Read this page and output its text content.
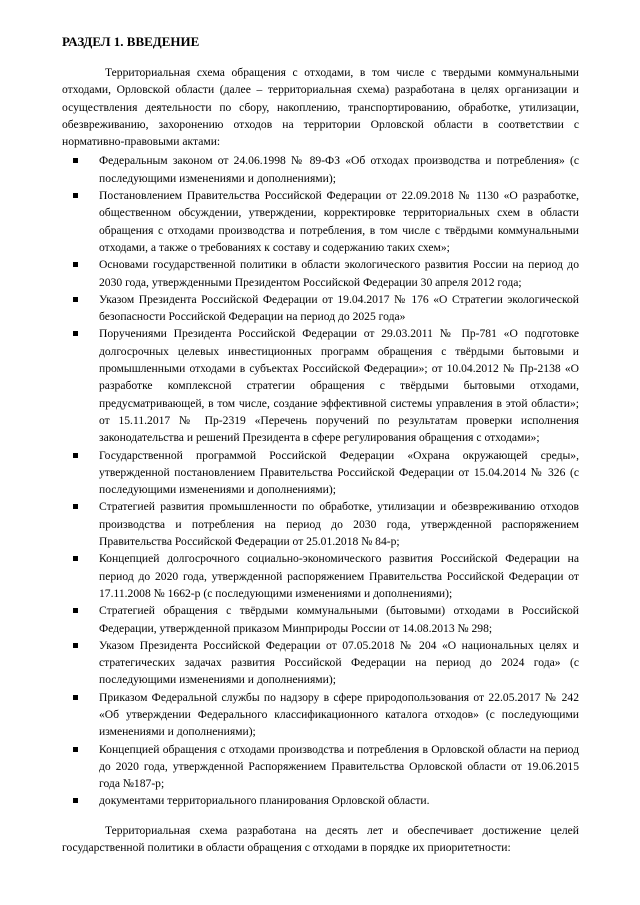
РАЗДЕЛ 1. ВВЕДЕНИЕ

Территориальная схема обращения с отходами, в том числе с твердыми коммунальными отходами, Орловской области (далее – территориальная схема) разработана в целях организации и осуществления деятельности по сбору, накоплению, транспортированию, обработке, утилизации, обезвреживанию, захоронению отходов на территории Орловской области в соответствии с нормативно-правовыми актами:

Федеральным законом от 24.06.1998 № 89-ФЗ «Об отходах производства и потребления» (с последующими изменениями и дополнениями);
Постановлением Правительства Российской Федерации от 22.09.2018 № 1130 «О разработке, общественном обсуждении, утверждении, корректировке территориальных схем в области обращения с отходами производства и потребления, в том числе с твёрдыми коммунальными отходами, а также о требованиях к составу и содержанию таких схем»;
Основами государственной политики в области экологического развития России на период до 2030 года, утвержденными Президентом Российской Федерации 30 апреля 2012 года;
Указом Президента Российской Федерации от 19.04.2017 № 176 «О Стратегии экологической безопасности Российской Федерации на период до 2025 года»
Поручениями Президента Российской Федерации от 29.03.2011 № Пр-781 «О подготовке долгосрочных целевых инвестиционных программ обращения с твёрдыми бытовыми и промышленными отходами в субъектах Российской Федерации»; от 10.04.2012 № Пр-2138 «О разработке комплексной стратегии обращения с твёрдыми бытовыми отходами, предусматривающей, в том числе, создание эффективной системы управления в этой области»; от 15.11.2017 № Пр-2319 «Перечень поручений по результатам проверки исполнения законодательства и решений Президента в сфере регулирования обращения с отходами»;
Государственной программой Российской Федерации «Охрана окружающей среды», утвержденной постановлением Правительства Российской Федерации от 15.04.2014 № 326 (с последующими изменениями и дополнениями);
Стратегией развития промышленности по обработке, утилизации и обезвреживанию отходов производства и потребления на период до 2030 года, утвержденной распоряжением Правительства Российской Федерации от 25.01.2018 № 84-р;
Концепцией долгосрочного социально-экономического развития Российской Федерации на период до 2020 года, утвержденной распоряжением Правительства Российской Федерации от 17.11.2008 № 1662-р (с последующими изменениями и дополнениями);
Стратегией обращения с твёрдыми коммунальными (бытовыми) отходами в Российской Федерации, утвержденной приказом Минприроды России от 14.08.2013 № 298;
Указом Президента Российской Федерации от 07.05.2018 № 204 «О национальных целях и стратегических задачах развития Российской Федерации на период до 2024 года» (с последующими изменениями и дополнениями);
Приказом Федеральной службы по надзору в сфере природопользования от 22.05.2017 № 242 «Об утверждении Федерального классификационного каталога отходов» (с последующими изменениями и дополнениями);
Концепцией обращения с отходами производства и потребления в Орловской области на период до 2020 года, утвержденной Распоряжением Правительства Орловской области от 19.06.2015 года №187-р;
документами территориального планирования Орловской области.

Территориальная схема разработана на десять лет и обеспечивает достижение целей государственной политики в области обращения с отходами в порядке их приоритетности:
